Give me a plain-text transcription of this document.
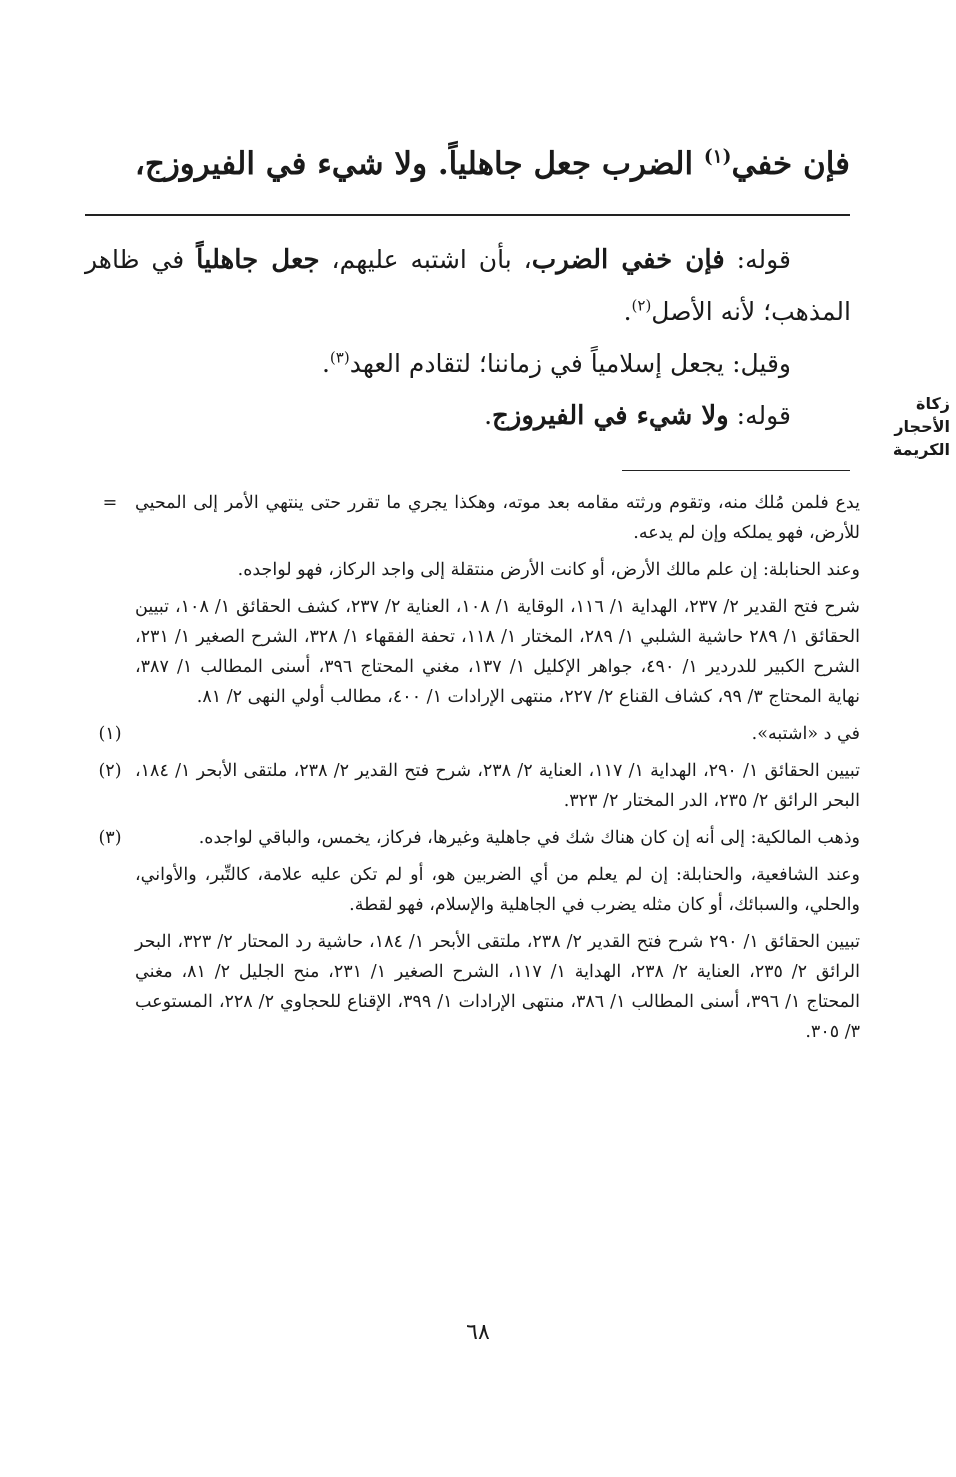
فإن خفي$^{(١)}$ الضرب جعل جاهلياً. ولا شيء في الفيروزج،

قوله: فإن خفي الضرب، بأن اشتبه عليهم، جعل جاهلياً في ظاهر المذهب؛ لأنه الأصل$^{(٢)}$.

وقيل: يجعل إسلامياً في زماننا؛ لتقادم العهد$^{(٣)}$.

قوله: ولا شيء في الفيروزج.	زكاة
الأحجار
الكريمة
=	يدع فلمن مُلك منه، وتقوم ورثته مقامه بعد موته، وهكذا يجري ما تقرر حتى ينتهي الأمر إلى المحيي للأرض، فهو يملكه وإن لم يدعه.

وعند الحنابلة: إن علم مالك الأرض، أو كانت الأرض منتقلة إلى واجد الركاز، فهو لواجده.

شرح فتح القدير ٢/ ٢٣٧، الهداية ١/ ١١٦، الوقاية ١/ ١٠٨، العناية ٢/ ٢٣٧، كشف الحقائق ١/ ١٠٨، تبيين الحقائق ١/ ٢٨٩ حاشية الشلبي ١/ ٢٨٩، المختار ١/ ١١٨، تحفة الفقهاء ١/ ٣٢٨، الشرح الصغير ١/ ٢٣١، الشرح الكبير للدردير ١/ ٤٩٠، جواهر الإكليل ١/ ١٣٧، مغني المحتاج ٣٩٦، أسنى المطالب ١/ ٣٨٧، نهاية المحتاج ٣/ ٩٩، كشاف القناع ٢/ ٢٢٧، منتهى الإرادات ١/ ٤٠٠، مطالب أولي النهى ٢/ ٨١.

(١)	في د «اشتبه».

(٢) تبيين الحقائق ١/ ٢٩٠، الهداية ١/ ١١٧، العناية ٢/ ٢٣٨، شرح فتح القدير ٢/ ٢٣٨، ملتقى الأبحر ١/ ١٨٤، البحر الرائق ٢/ ٢٣٥، الدر المختار ٢/ ٣٢٣.

(٣)	وذهب المالكية: إلى أنه إن كان هناك شك في جاهلية وغيرها، فركاز، يخمس، والباقي لواجده.

وعند الشافعية، والحنابلة: إن لم يعلم من أي الضربين هو، أو لم تكن عليه علامة، كالتِّبر، والأواني، والحلي، والسبائك، أو كان مثله يضرب في الجاهلية والإسلام، فهو لقطة.

تبيين الحقائق ١/ ٢٩٠ شرح فتح القدير ٢/ ٢٣٨، ملتقى الأبحر ١/ ١٨٤، حاشية رد المحتار ٢/ ٣٢٣، البحر الرائق ٢/ ٢٣٥، العناية ٢/ ٢٣٨، الهداية ١/ ١١٧، الشرح الصغير ١/ ٢٣١، منح الجليل ٢/ ٨١، مغني المحتاج ١/ ٣٩٦، أسنى المطالب ١/ ٣٨٦، منتهى الإرادات ١/ ٣٩٩، الإقناع للحجاوي ٢/ ٢٢٨، المستوعب ٣/ ٣٠٥.

٦٨
